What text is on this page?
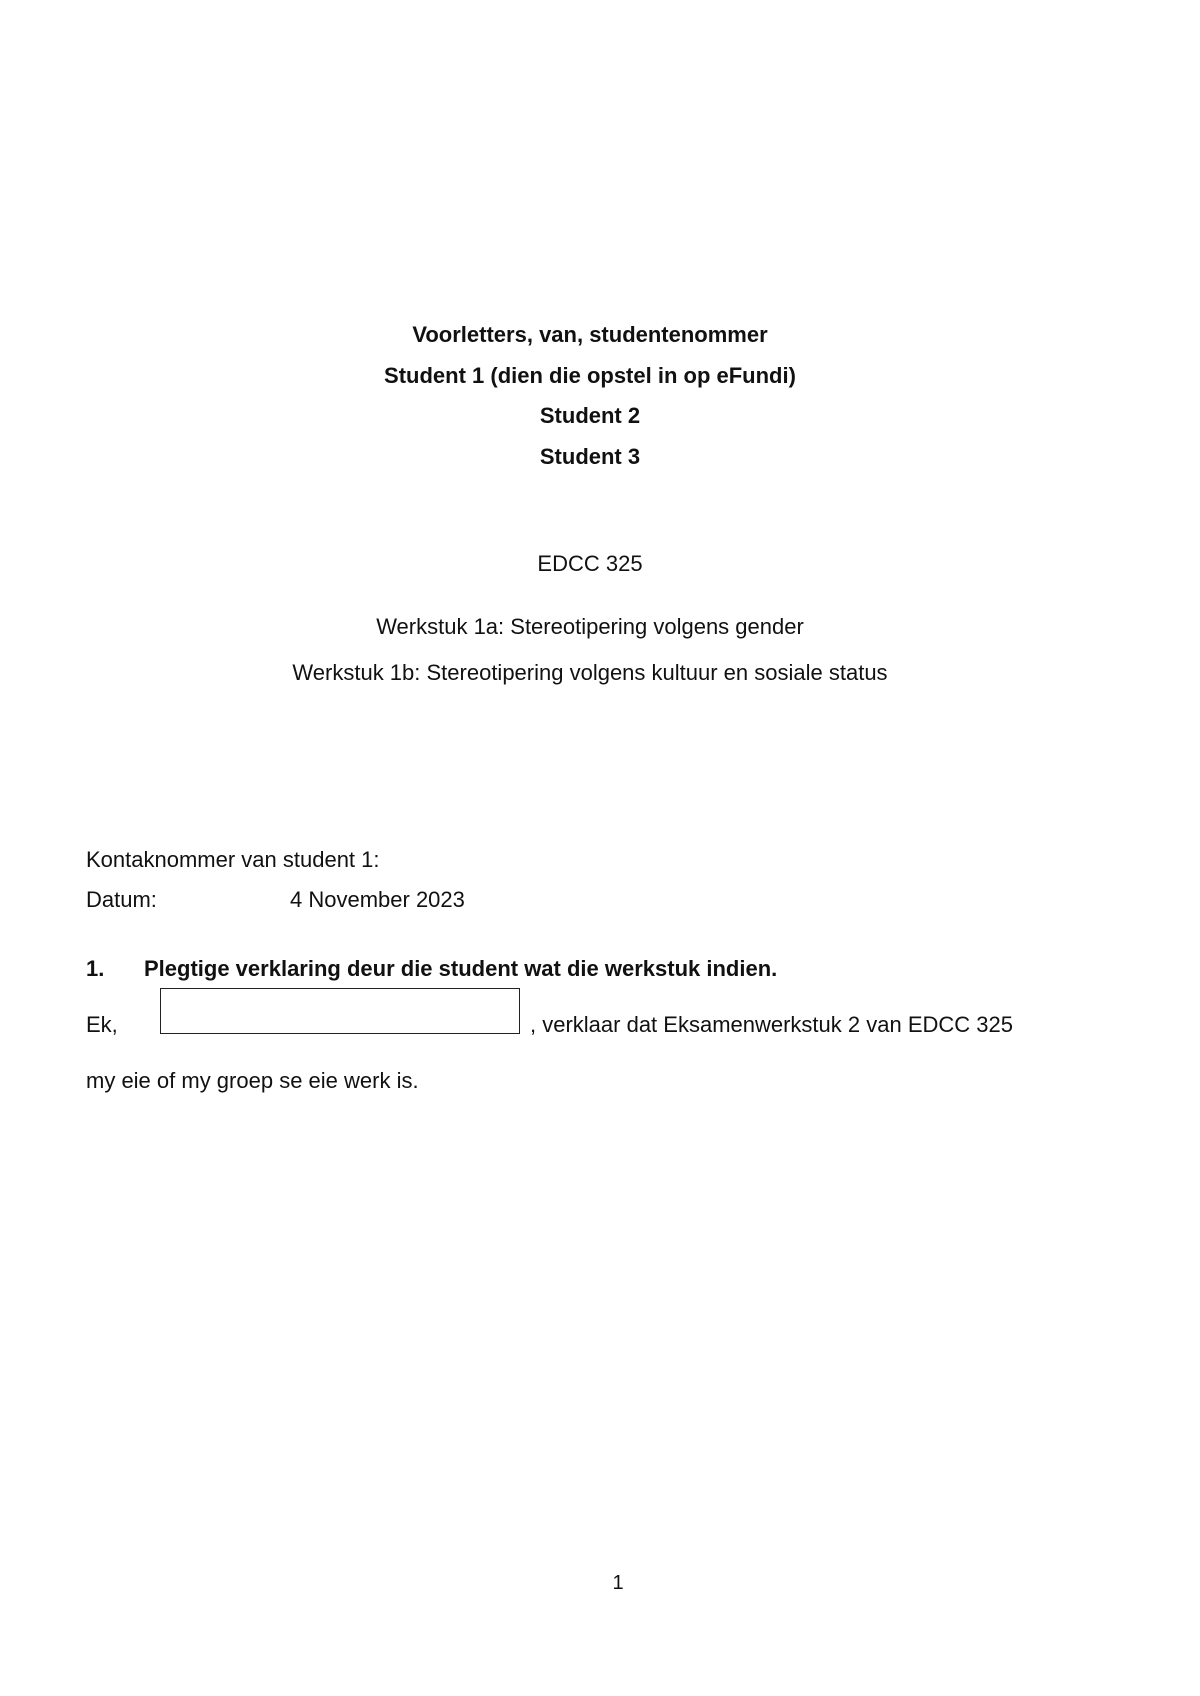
Voorletters, van, studentenommer
Student 1 (dien die opstel in op eFundi)
Student 2
Student 3
EDCC 325
Werkstuk 1a: Stereotipering volgens gender
Werkstuk 1b: Stereotipering volgens kultuur en sosiale status
Kontaknommer van student 1:
Datum:	4 November 2023
1. Plegtige verklaring deur die student wat die werkstuk indien.
Ek,	, verklaar dat Eksamenwerkstuk 2 van EDCC 325
my eie of my groep se eie werk is.
1
